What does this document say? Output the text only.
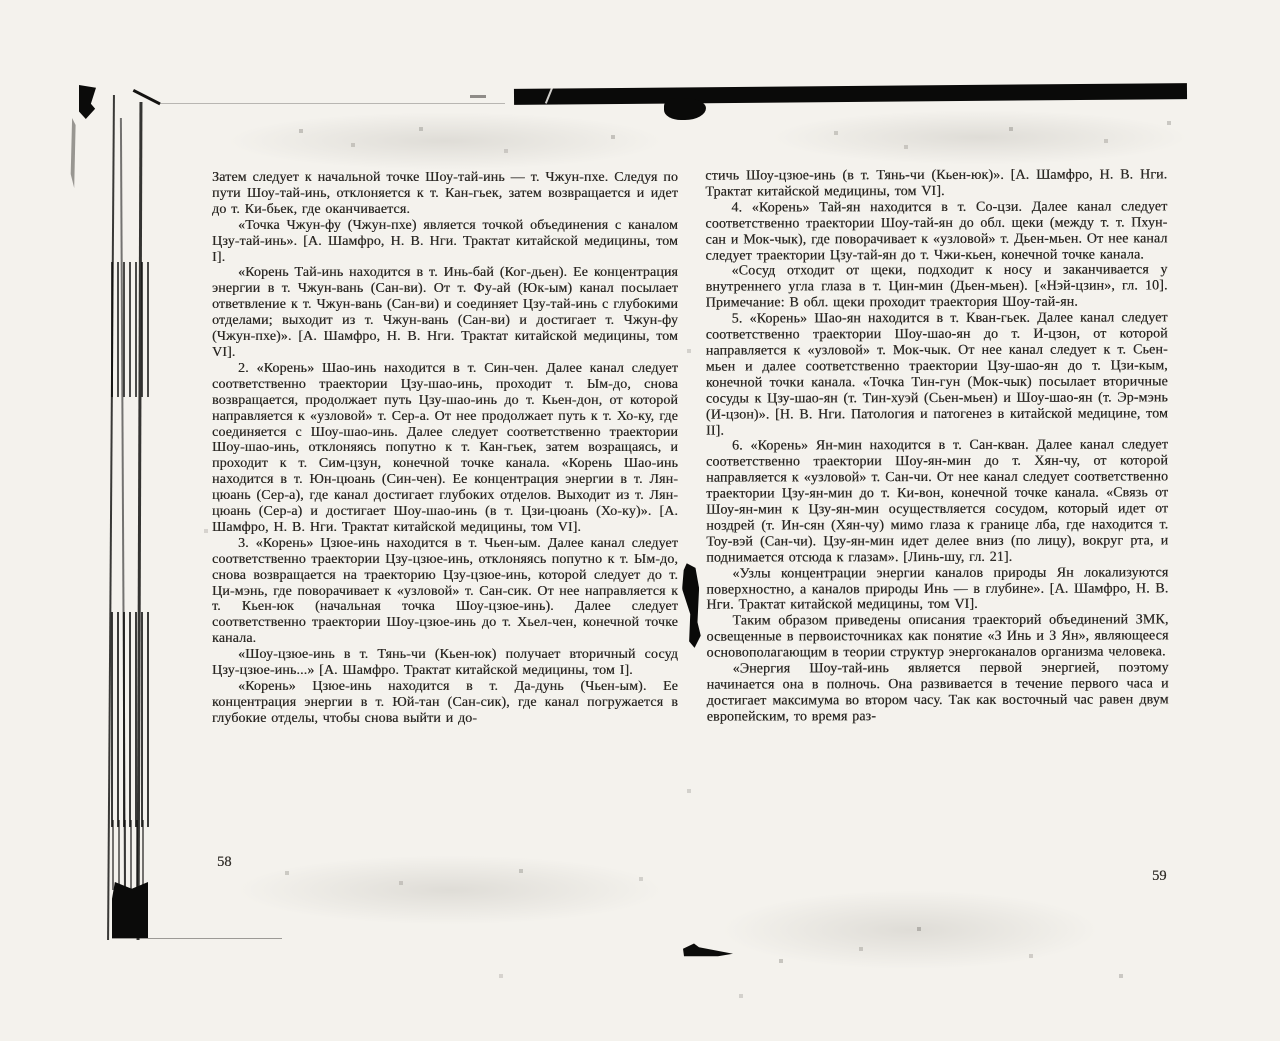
Затем следует к начальной точке Шоу-тай-инь — т. Чжун-пхе. Следуя по пути Шоу-тай-инь, отклоняется к т. Кан-гьек, затем возвращается и идет до т. Ки-бьек, где оканчивается.

«Точка Чжун-фу (Чжун-пхе) является точкой объединения с каналом Цзу-тай-инь». [А. Шамфро, Н. В. Нги. Трактат китайской медицины, том I].

«Корень Тай-инь находится в т. Инь-бай (Ког-дьен). Ее концентрация энергии в т. Чжун-вань (Сан-ви). От т. Фу-ай (Юк-ым) канал посылает ответвление к т. Чжун-вань (Сан-ви) и соединяет Цзу-тай-инь с глубокими отделами; выходит из т. Чжун-вань (Сан-ви) и достигает т. Чжун-фу (Чжун-пхе)». [А. Шамфро, Н. В. Нги. Трактат китайской медицины, том VI].

2. «Корень» Шао-инь находится в т. Син-чен. Далее канал следует соответственно траектории Цзу-шао-инь, проходит т. Ым-до, снова возвращается, продолжает путь Цзу-шао-инь до т. Кьен-дон, от которой направляется к «узловой» т. Сер-а. От нее продолжает путь к т. Хо-ку, где соединяется с Шоу-шао-инь. Далее следует соответственно траектории Шоу-шао-инь, отклоняясь попутно к т. Кан-гьек, затем возращаясь, и проходит к т. Сим-цзун, конечной точке канала. «Корень Шао-инь находится в т. Юн-цюань (Син-чен). Ее концентрация энергии в т. Лян-цюань (Сер-а), где канал достигает глубоких отделов. Выходит из т. Лян-цюань (Сер-а) и достигает Шоу-шао-инь (в т. Цзи-цюань (Хо-ку)». [А. Шамфро, Н. В. Нги. Трактат китайской медицины, том VI].

3. «Корень» Цзюе-инь находится в т. Чьен-ым. Далее канал следует соответственно траектории Цзу-цзюе-инь, отклоняясь попутно к т. Ым-до, снова возвращается на траекторию Цзу-цзюе-инь, которой следует до т. Ци-мэнь, где поворачивает к «узловой» т. Сан-сик. От нее направляется к т. Кьен-юк (начальная точка Шоу-цзюе-инь). Далее следует соответственно траектории Шоу-цзюе-инь до т. Хьел-чен, конечной точке канала.

«Шоу-цзюе-инь в т. Тянь-чи (Кьен-юк) получает вторичный сосуд Цзу-цзюе-инь...» [А. Шамфро. Трактат китайской медицины, том I].

«Корень» Цзюе-инь находится в т. Да-дунь (Чьен-ым). Ее концентрация энергии в т. Юй-тан (Сан-сик), где канал погружается в глубокие отделы, чтобы снова выйти и до-

58

стичь Шоу-цзюе-инь (в т. Тянь-чи (Кьен-юк)». [А. Шамфро, Н. В. Нги. Трактат китайской медицины, том VI].

4. «Корень» Тай-ян находится в т. Со-цзи. Далее канал следует соответственно траектории Шоу-тай-ян до обл. щеки (между т. т. Пхун-сан и Мок-чык), где поворачивает к «узловой» т. Дьен-мьен. От нее канал следует траектории Цзу-тай-ян до т. Чжи-кьен, конечной точке канала.

«Сосуд отходит от щеки, подходит к носу и заканчивается у внутреннего угла глаза в т. Цин-мин (Дьен-мьен). [«Нэй-цзин», гл. 10]. Примечание: В обл. щеки проходит траектория Шоу-тай-ян.

5. «Корень» Шао-ян находится в т. Кван-гьек. Далее канал следует соответственно траектории Шоу-шао-ян до т. И-цзон, от которой направляется к «узловой» т. Мок-чык. От нее канал следует к т. Сьен-мьен и далее соответственно траектории Цзу-шао-ян до т. Цзи-кым, конечной точки канала. «Точка Тин-гун (Мок-чык) посылает вторичные сосуды к Цзу-шао-ян (т. Тин-хуэй (Сьен-мьен) и Шоу-шао-ян (т. Эр-мэнь (И-цзон)». [Н. В. Нги. Патология и патогенез в китайской медицине, том II].

6. «Корень» Ян-мин находится в т. Сан-кван. Далее канал следует соответственно траектории Шоу-ян-мин до т. Хян-чу, от которой направляется к «узловой» т. Сан-чи. От нее канал следует соответственно траектории Цзу-ян-мин до т. Ки-вон, конечной точке канала. «Связь от Шоу-ян-мин к Цзу-ян-мин осуществляется сосудом, который идет от ноздрей (т. Ин-сян (Хян-чу) мимо глаза к границе лба, где находится т. Тоу-вэй (Сан-чи). Цзу-ян-мин идет делее вниз (по лицу), вокруг рта, и поднимается отсюда к глазам». [Линь-шу, гл. 21].

«Узлы концентрации энергии каналов природы Ян локализуются поверхностно, а каналов природы Инь — в глубине». [А. Шамфро, Н. В. Нги. Трактат китайской медицины, том VI].

Таким образом приведены описания траекторий объединений ЗМК, освещенные в первоисточниках как понятие «З Инь и З Ян», являющееся основополагающим в теории структур энергоканалов организма человека.

«Энергия Шоу-тай-инь является первой энергией, поэтому начинается она в полночь. Она развивается в течение первого часа и достигает максимума во втором часу. Так как восточный час равен двум европейским, то время раз-

59
